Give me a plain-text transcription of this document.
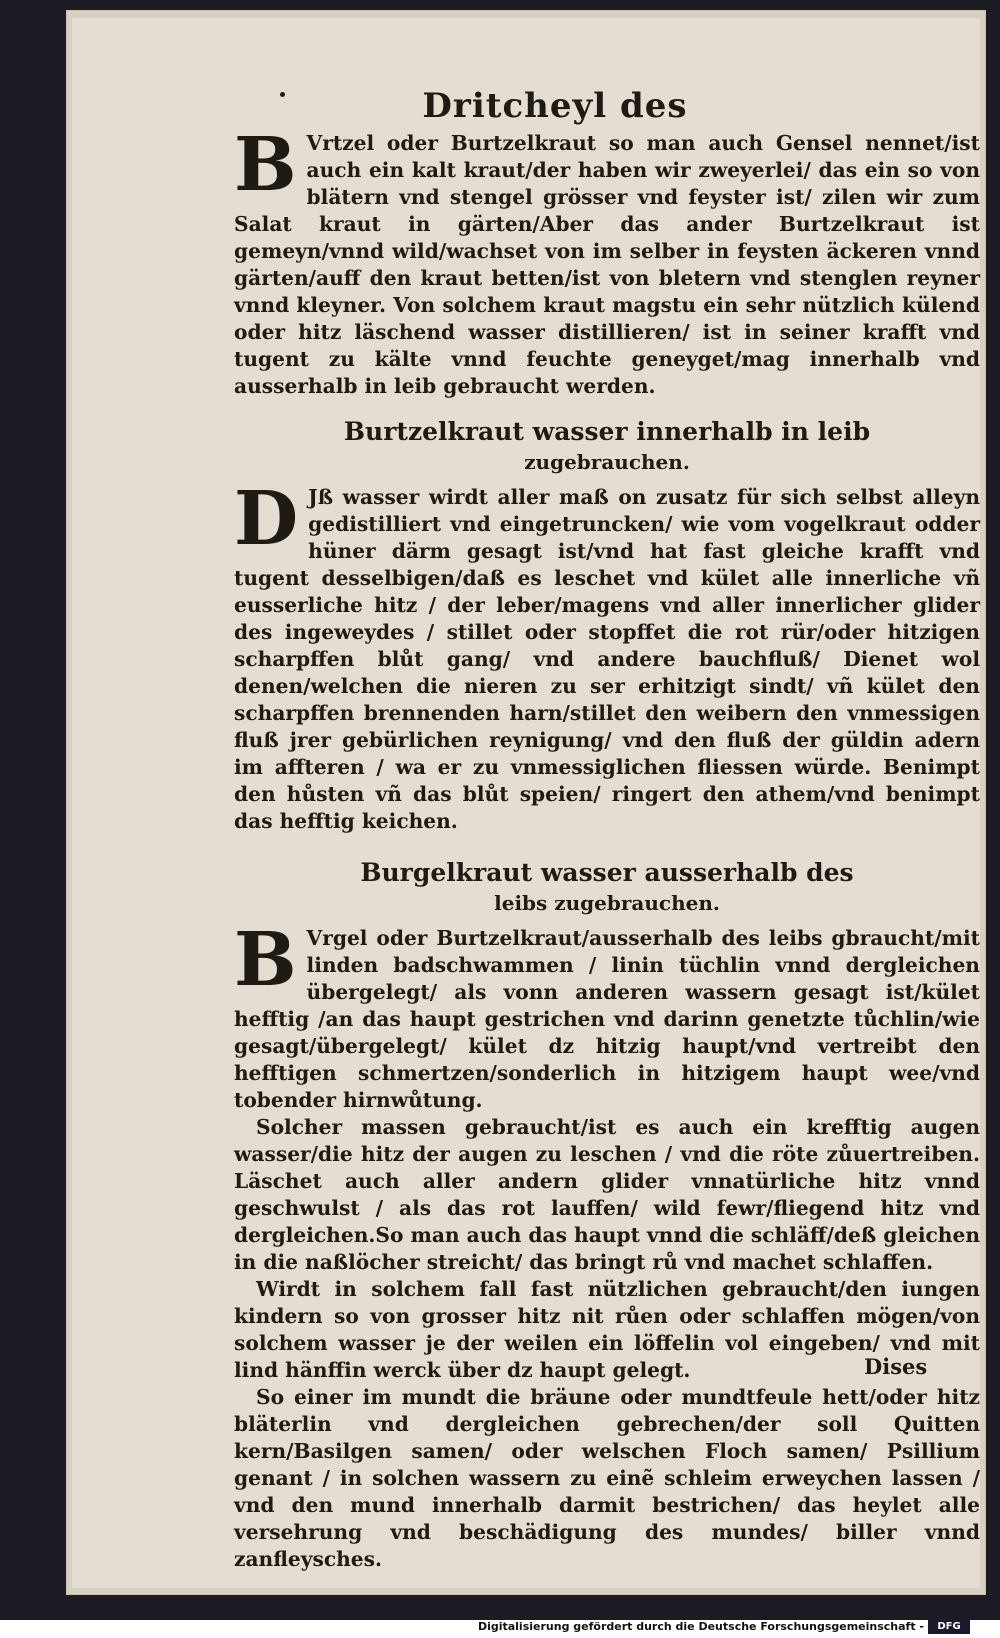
Dritcheyl des

B Vrtzel oder Burtzelkraut so man auch Gensel nennet/ist auch ein kalt kraut/der haben wir zweyerlei/ das ein so von blätern vnd stengel grösser vnd feyster ist/ zilen wir zum Salat kraut in gärten/Aber das ander Burtzelkraut ist gemeyn/vnnd wild/wachset von im selber in feysten äckeren vnnd gärten/auff den kraut betten/ist von bletern vnd stenglen reyner vnnd kleyner. Von solchem kraut magstu ein sehr nützlich külend oder hitz läschend wasser distillieren/ ist in seiner krafft vnd tugent zu kälte vnnd feuchte geneyget/mag innerhalb vnd ausserhalb in leib gebraucht werden.

Burtzelkraut wasser innerhalb in leib
zugebrauchen.

D Jß wasser wirdt aller maß on zusatz für sich selbst alleyn gedistilliert vnd eingetruncken/ wie vom vogelkraut odder hüner därm gesagt ist/vnd hat fast gleiche krafft vnd tugent desselbigen/daß es leschet vnd kület alle innerliche vñ eusserliche hitz / der leber/magens vnd aller innerlicher glider des ingeweydes / stillet oder stopffet die rot rür/oder hitzigen scharpffen blůt gang/ vnd andere bauchfluß/ Dienet wol denen/welchen die nieren zu ser erhitzigt sindt/ vñ kület den scharpffen brennenden harn/stillet den weibern den vnmessigen fluß jrer gebürlichen reynigung/ vnd den fluß der güldin adern im affteren / wa er zu vnmessiglichen fliessen würde. Benimpt den hůsten vñ das blůt speien/ ringert den athem/vnd benimpt das hefftig keichen.

Burgelkraut wasser ausserhalb des
leibs zugebrauchen.

B Vrgel oder Burtzelkraut/ausserhalb des leibs gbraucht/mit linden badschwammen / linin tüchlin vnnd dergleichen übergelegt/ als vonn anderen wassern gesagt ist/kület hefftig /an das haupt gestrichen vnd darinn genetzte tůchlin/wie gesagt/übergelegt/ kület dz hitzig haupt/vnd vertreibt den hefftigen schmertzen/sonderlich in hitzigem haupt wee/vnd tobender hirnwůtung.

Solcher massen gebraucht/ist es auch ein krefftig augen wasser/die hitz der augen zu leschen / vnd die röte zůuertreiben. Läschet auch aller andern glider vnnatürliche hitz vnnd geschwulst / als das rot lauffen/ wild fewr/fliegend hitz vnd dergleichen.So man auch das haupt vnnd die schläff/deß gleichen in die naßlöcher streicht/ das bringt rů vnd machet schlaffen.

Wirdt in solchem fall fast nützlichen gebraucht/den iungen kindern so von grosser hitz nit růen oder schlaffen mögen/von solchem wasser je der weilen ein löffelin vol eingeben/ vnd mit lind hänffin werck über dz haupt gelegt.

So einer im mundt die bräune oder mundtfeule hett/oder hitz bläterlin vnd dergleichen gebrechen/der soll Quitten kern/Basilgen samen/ oder welschen Floch samen/ Psillium genant / in solchen wassern zu einẽ schleim erweychen lassen / vnd den mund innerhalb darmit bestrichen/ das heylet alle versehrung vnd beschädigung des mundes/ biller vnnd zanfleysches.

Dises
Digitalisierung gefördert durch die Deutsche Forschungsgemeinschaft -	DFG
